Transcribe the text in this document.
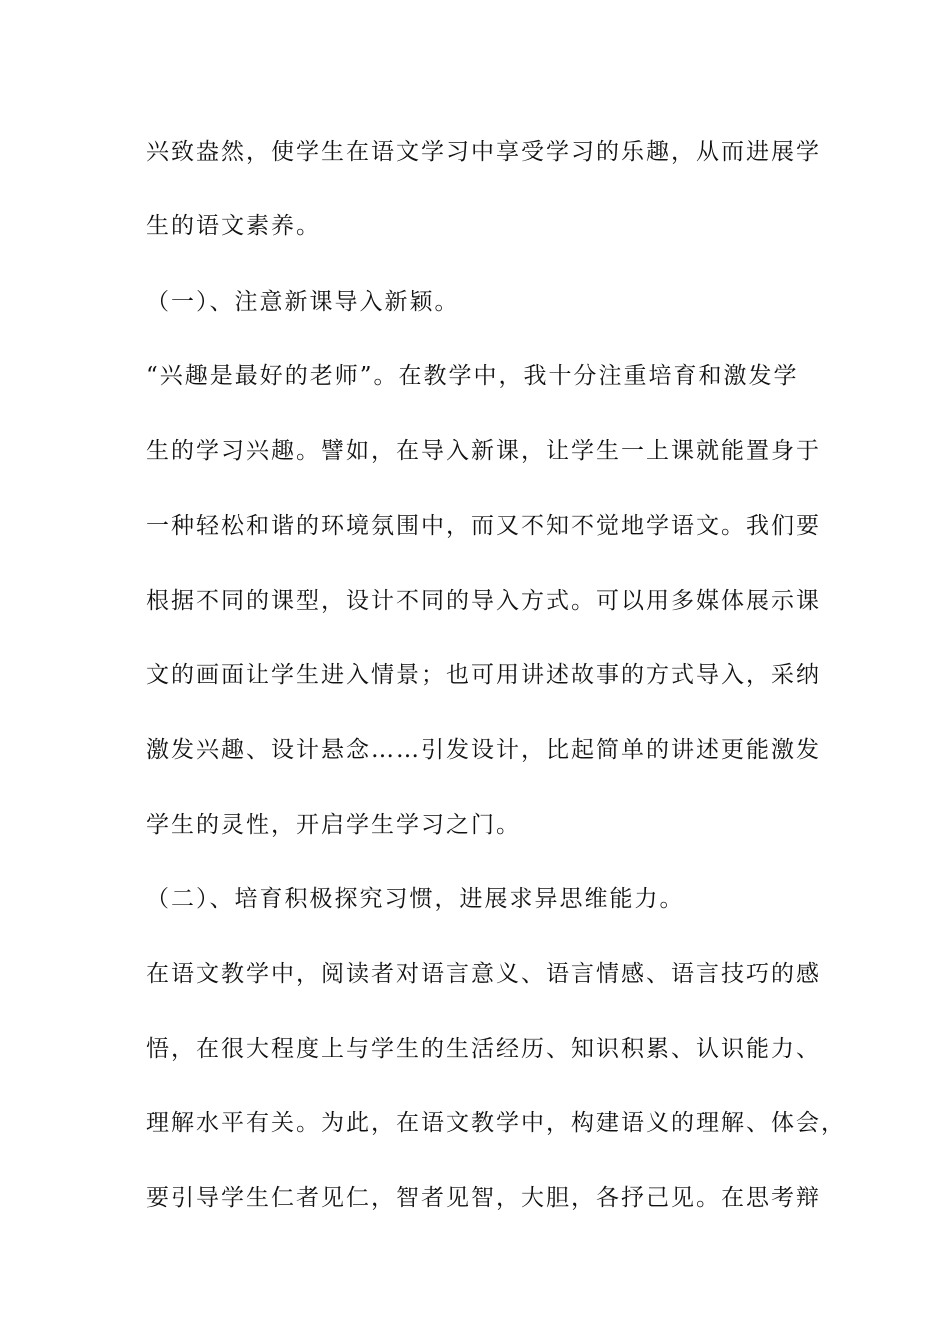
兴致盎然，使学生在语文学习中享受学习的乐趣，从而进展学
生的语文素养。
（一）、注意新课导入新颖。
“兴趣是最好的老师”。在教学中，我十分注重培育和激发学
生的学习兴趣。譬如，在导入新课，让学生一上课就能置身于
一种轻松和谐的环境氛围中，而又不知不觉地学语文。我们要
根据不同的课型，设计不同的导入方式。可以用多媒体展示课
文的画面让学生进入情景；也可用讲述故事的方式导入，采纳
激发兴趣、设计悬念……引发设计，比起简单的讲述更能激发
学生的灵性，开启学生学习之门。
（二）、培育积极探究习惯，进展求异思维能力。
在语文教学中，阅读者对语言意义、语言情感、语言技巧的感
悟，在很大程度上与学生的生活经历、知识积累、认识能力、
理解水平有关。为此，在语文教学中，构建语义的理解、体会，
要引导学生仁者见仁，智者见智，大胆，各抒己见。在思考辩
